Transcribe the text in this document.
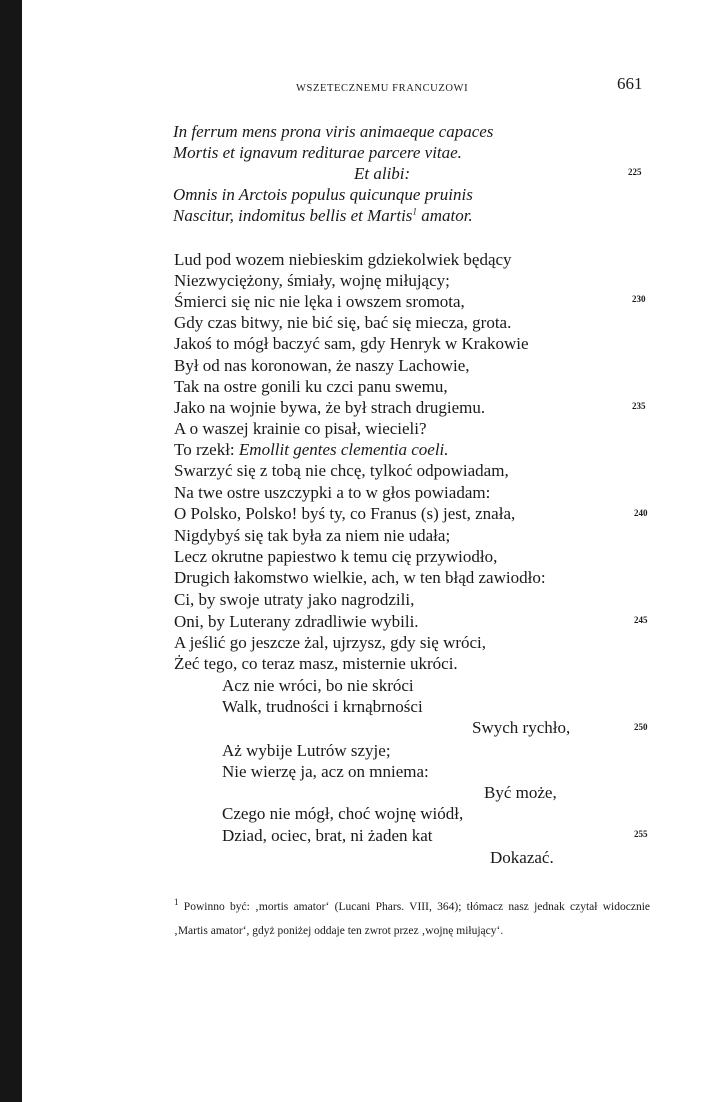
WSZETECZNEMU FRANCUZOWI	661
In ferrum mens prona viris animaeque capaces
Mortis et ignavum rediturae parcere vitae.
Et alibi:
Omnis in Arctois populus quicunque pruinis
Nascitur, indomitus bellis et Martis$^1$ amator.
Lud pod wozem niebieskim gdziekolwiek będący
Niezwyciężony, śmiały, wojnę miłujący;
Śmierci się nic nie lęka i owszem sromota,
Gdy czas bitwy, nie bić się, bać się miecza, grota.
Jakoś to mógł baczyć sam, gdy Henryk w Krakowie
Był od nas koronowan, że naszy Lachowie,
Tak na ostre gonili ku czci panu swemu,
Jako na wojnie bywa, że był strach drugiemu.
A o waszej krainie co pisał, wiecieli?
To rzekł: Emollit gentes clementia coeli.
Swarzyć się z tobą nie chcę, tylkoć odpowiadam,
Na twe ostre uszczypki a to w głos powiadam:
O Polsko, Polsko! byś ty, co Franus (s) jest, znała,
Nigdybyś się tak była za niem nie udała;
Lecz okrutne papiestwo k temu cię przywiodło,
Drugich łakomstwo wielkie, ach, w ten błąd zawiodło:
Ci, by swoje utraty jako nagrodzili,
Oni, by Luterany zdradliwie wybili.
A jeślić go jeszcze żal, ujrzysz, gdy się wróci,
Żeć tego, co teraz masz, misternie ukróci.
Acz nie wróci, bo nie skróci
Walk, trudności i krnąbrności
Swych rychło,
Aż wybije Lutrów szyje;
Nie wierzę ja, acz on mniema:
Być może,
Czego nie mógł, choć wojnę wiódł,
Dziad, ociec, brat, ni żaden kat
Dokazać.
225
230
235
240
245
250
255
$^1$ Powinno być: ‚mortis amator‘ (Lucani Phars. VIII, 364); tłómacz nasz jednak czytał widocznie ‚Martis amator‘, gdyż poniżej oddaje ten zwrot przez ‚wojnę miłujący‘.
